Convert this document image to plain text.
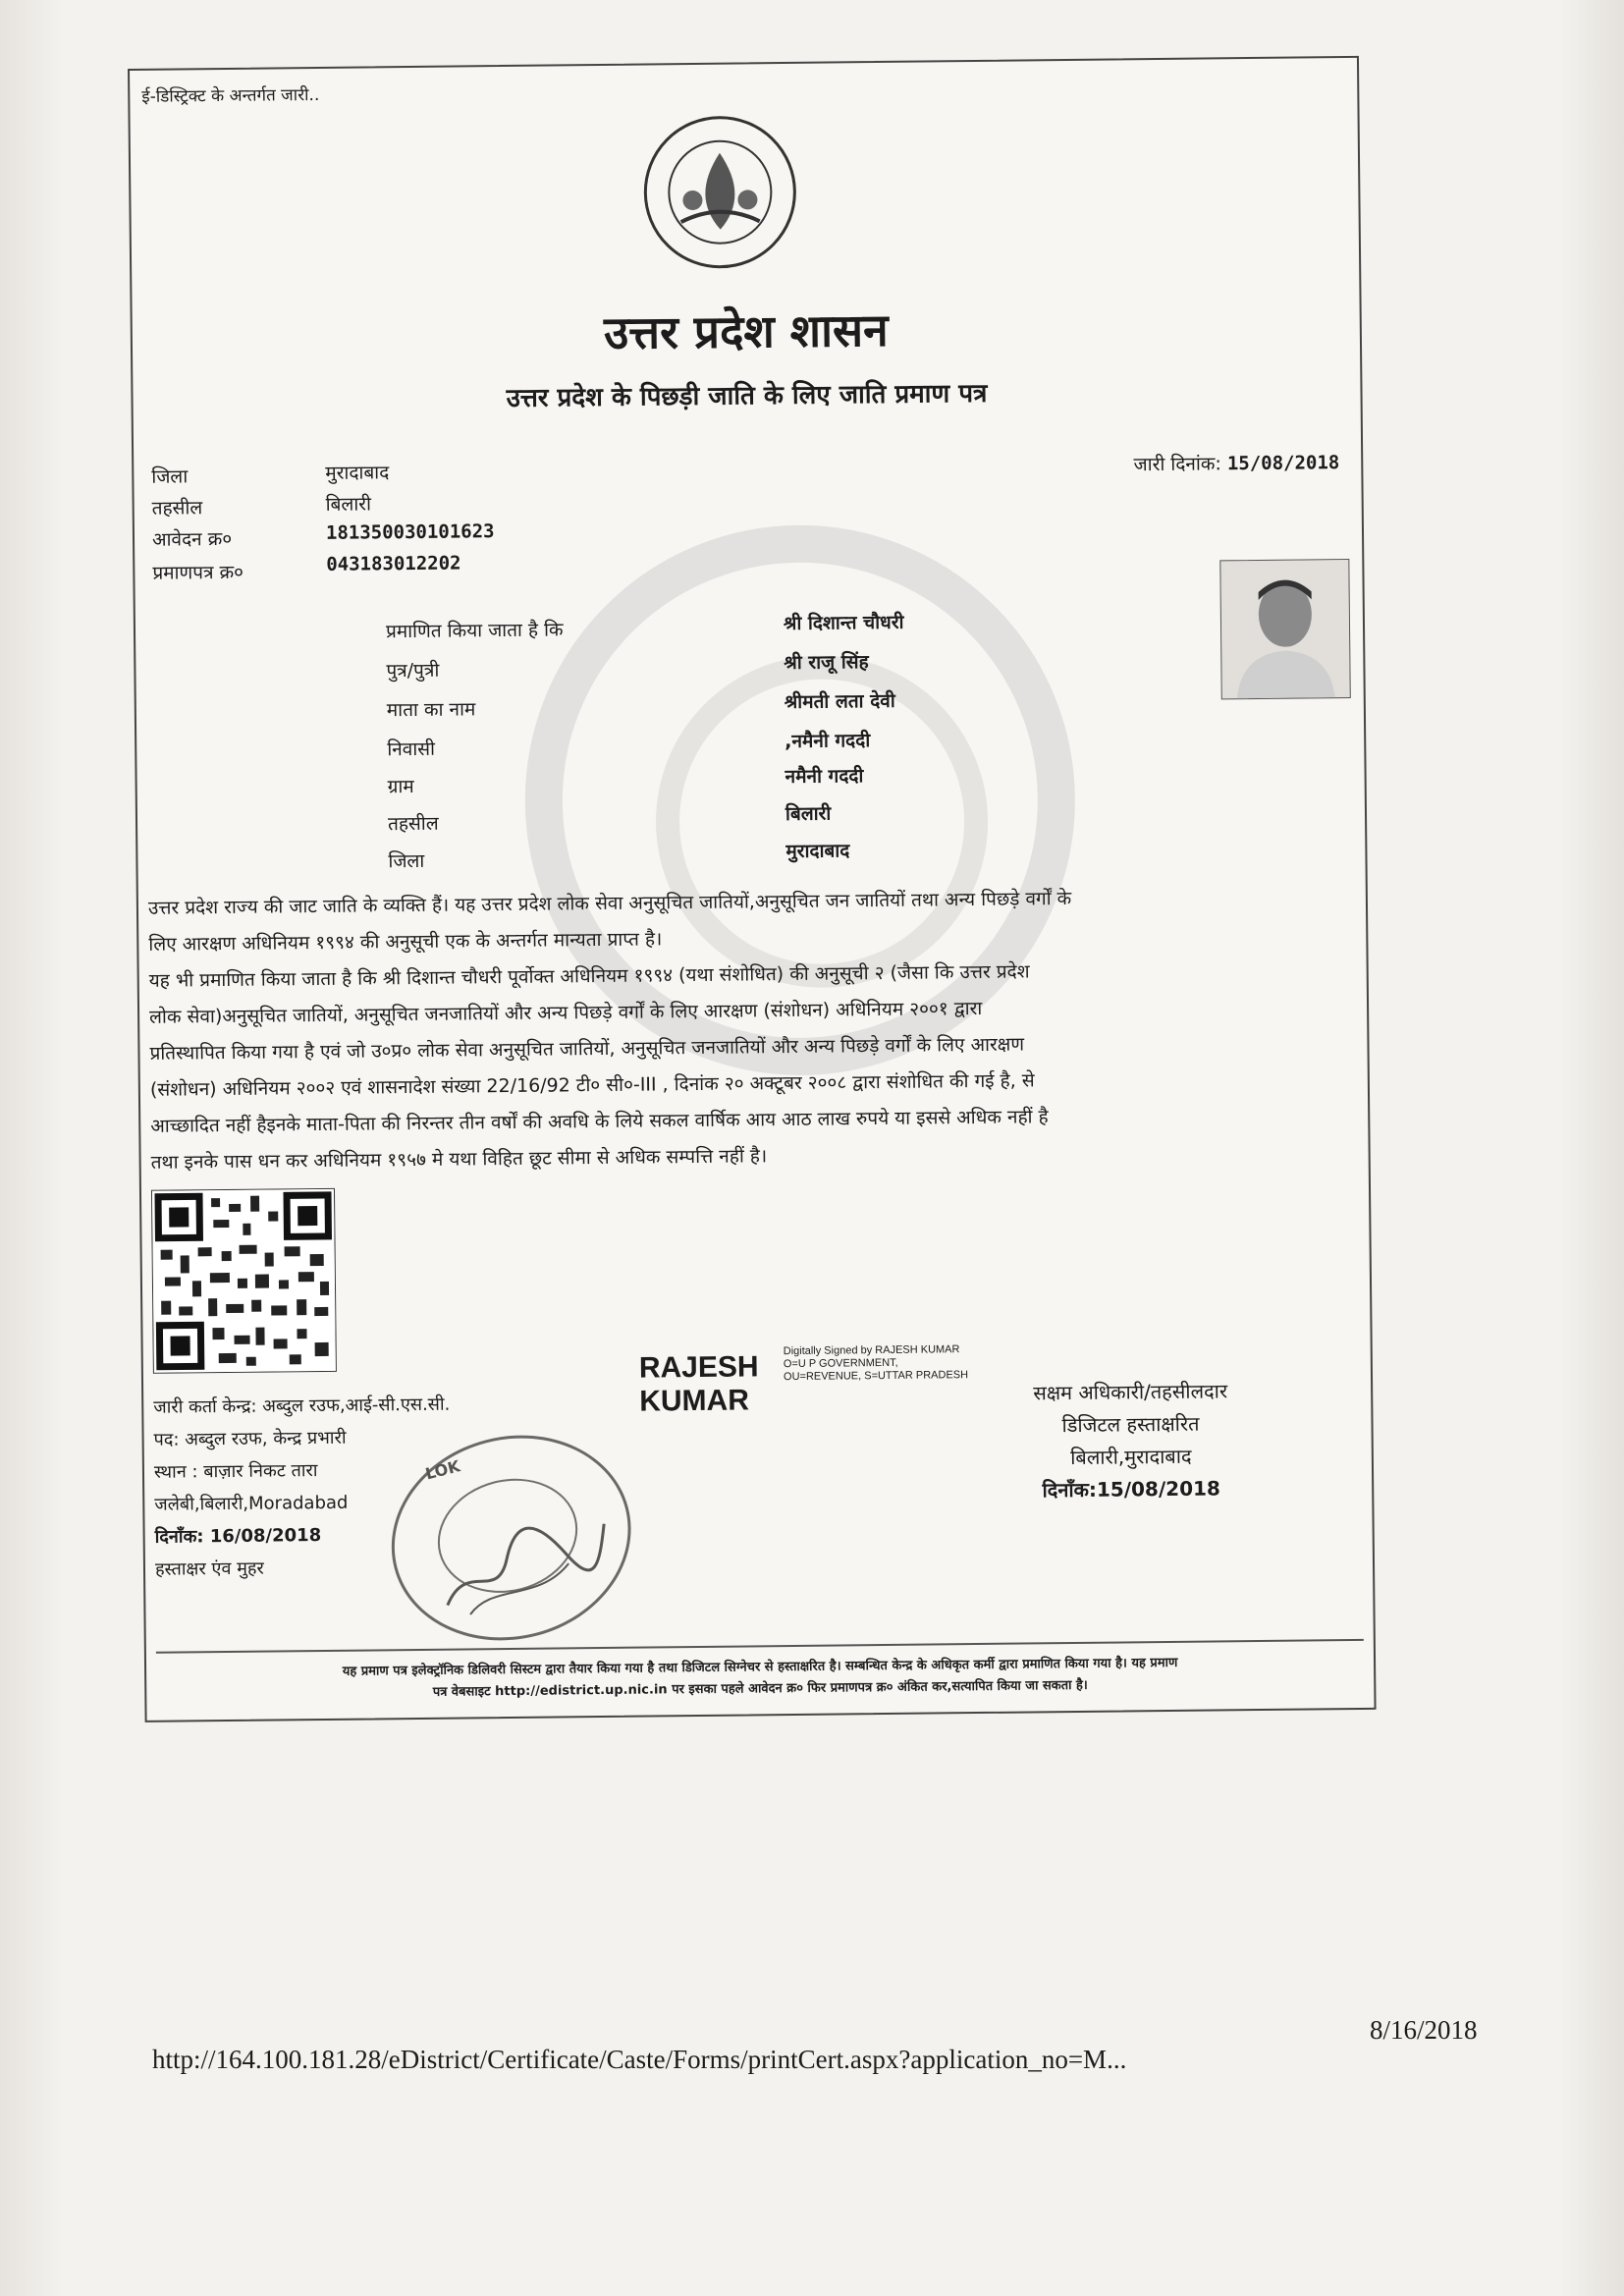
ई-डिस्ट्रिक्ट के अन्तर्गत जारी..
उत्तर प्रदेश शासन
उत्तर प्रदेश के पिछड़ी जाति के लिए जाति प्रमाण पत्र
जिला	मुरादाबाद
तहसील	बिलारी
आवेदन क्र०	181350030101623
प्रमाणपत्र क्र०	043183012202
जारी दिनांक: 15/08/2018
प्रमाणित किया जाता है कि	श्री दिशान्त चौधरी
पुत्र/पुत्री	श्री राजू सिंह
माता का नाम	श्रीमती लता देवी
निवासी	,नमैनी गददी
ग्राम	नमैनी गददी
तहसील	बिलारी
जिला	मुरादाबाद

उत्तर प्रदेश राज्य की जाट जाति के व्यक्ति हैं। यह उत्तर प्रदेश लोक सेवा अनुसूचित जातियों,अनुसूचित जन जातियों तथा अन्य पिछड़े वर्गों के

लिए आरक्षण अधिनियम १९९४ की अनुसूची एक के अन्तर्गत मान्यता प्राप्त है।

यह भी प्रमाणित किया जाता है कि श्री दिशान्त चौधरी पूर्वोक्त अधिनियम १९९४ (यथा संशोधित) की अनुसूची २ (जैसा कि उत्तर प्रदेश

लोक सेवा)अनुसूचित जातियों, अनुसूचित जनजातियों और अन्य पिछड़े वर्गों के लिए आरक्षण (संशोधन) अधिनियम २००१ द्वारा

प्रतिस्थापित किया गया है एवं जो उ०प्र० लोक सेवा अनुसूचित जातियों, अनुसूचित जनजातियों और अन्य पिछड़े वर्गों के लिए आरक्षण

(संशोधन) अधिनियम २००२ एवं शासनादेश संख्या 22/16/92 टी० सी०-III , दिनांक २० अक्टूबर २००८ द्वारा संशोधित की गई है, से

आच्छादित नहीं हैइनके माता-पिता की निरन्तर तीन वर्षों की अवधि के लिये सकल वार्षिक आय आठ लाख रुपये या इससे अधिक नहीं है

तथा इनके पास धन कर अधिनियम १९५७ मे यथा विहित छूट सीमा से अधिक सम्पत्ति नहीं है।

जारी कर्ता केन्द्र: अब्दुल रउफ,आई-सी.एस.सी.
पद: अब्दुल रउफ, केन्द्र प्रभारी
स्थान : बाज़ार निकट तारा
जलेबी,बिलारी,Moradabad
दिनाँक: 16/08/2018
हस्ताक्षर एंव मुहर
LOK
RAJESH
KUMAR
Digitally Signed by RAJESH KUMAR O=U P GOVERNMENT, OU=REVENUE, S=UTTAR PRADESH
सक्षम अधिकारी/तहसीलदार
डिजिटल हस्ताक्षरित
बिलारी,मुरादाबाद
दिनाँक:15/08/2018
यह प्रमाण पत्र इलेक्ट्रॉनिक डिलिवरी सिस्टम द्वारा तैयार किया गया है तथा डिजिटल सिग्नेचर से हस्ताक्षरित है। सम्बन्धित केन्द्र के अधिकृत कर्मी द्वारा प्रमाणित किया गया है। यह प्रमाण
पत्र वेबसाइट http://edistrict.up.nic.in पर इसका पहले आवेदन क्र० फिर प्रमाणपत्र क्र० अंकित कर,सत्यापित किया जा सकता है।
http://164.100.181.28/eDistrict/Certificate/Caste/Forms/printCert.aspx?application_no=M...
8/16/2018
